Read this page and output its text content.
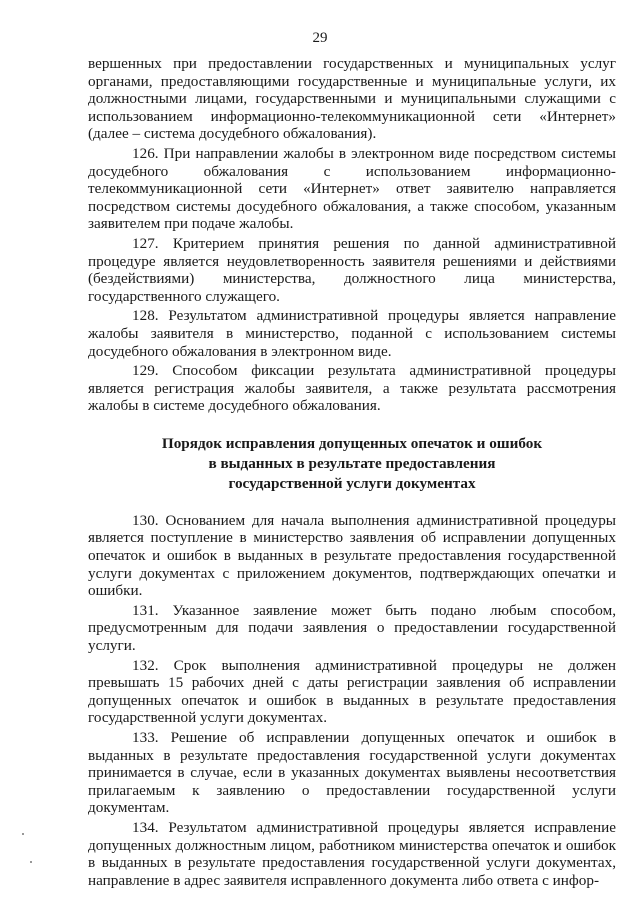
29

вершенных при предоставлении государственных и муниципальных услуг органами, предоставляющими государственные и муниципальные услуги, их должностными лицами, государственными и муниципальными служащими с использованием информационно-телекоммуникационной сети «Интернет» (далее – система досудебного обжалования).

126. При направлении жалобы в электронном виде посредством системы досудебного обжалования с использованием информационно-телекоммуникационной сети «Интернет» ответ заявителю направляется посредством системы досудебного обжалования, а также способом, указанным заявителем при подаче жалобы.

127. Критерием принятия решения по данной административной процедуре является неудовлетворенность заявителя решениями и действиями (бездействиями) министерства, должностного лица министерства, государственного служащего.

128. Результатом административной процедуры является направление жалобы заявителя в министерство, поданной с использованием системы досудебного обжалования в электронном виде.

129. Способом фиксации результата административной процедуры является регистрация жалобы заявителя, а также результата рассмотрения жалобы в системе досудебного обжалования.

Порядок исправления допущенных опечаток и ошибок
в выданных в результате предоставления
государственной услуги документах

130. Основанием для начала выполнения административной процедуры является поступление в министерство заявления об исправлении допущенных опечаток и ошибок в выданных в результате предоставления государственной услуги документах с приложением документов, подтверждающих опечатки и ошибки.

131. Указанное заявление может быть подано любым способом, предусмотренным для подачи заявления о предоставлении государственной услуги.

132. Срок выполнения административной процедуры не должен превышать 15 рабочих дней с даты регистрации заявления об исправлении допущенных опечаток и ошибок в выданных в результате предоставления государственной услуги документах.

133. Решение об исправлении допущенных опечаток и ошибок в выданных в результате предоставления государственной услуги документах принимается в случае, если в указанных документах выявлены несоответствия прилагаемым к заявлению о предоставлении государственной услуги документам.

134. Результатом административной процедуры является исправление допущенных должностным лицом, работником министерства опечаток и ошибок в выданных в результате предоставления государственной услуги документах, направление в адрес заявителя исправленного документа либо ответа с инфор-
